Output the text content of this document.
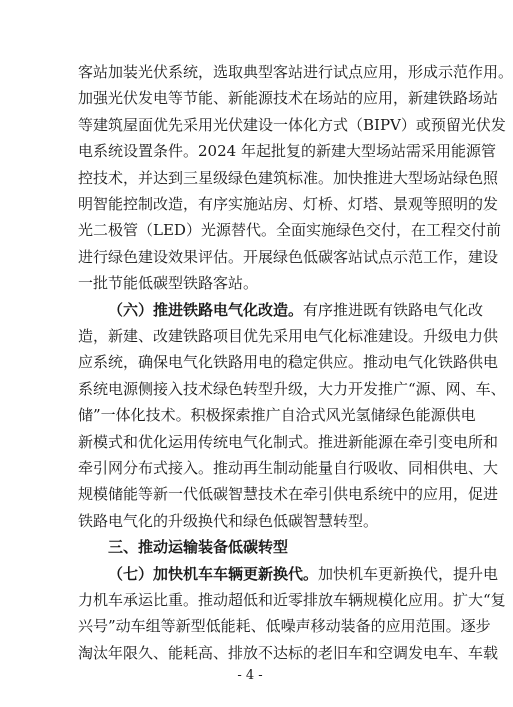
客站加装光伏系统，选取典型客站进行试点应用，形成示范作用。
加强光伏发电等节能、新能源技术在场站的应用，新建铁路场站
等建筑屋面优先采用光伏建设一体化方式（BIPV）或预留光伏发
电系统设置条件。2024 年起批复的新建大型场站需采用能源管
控技术，并达到三星级绿色建筑标准。加快推进大型场站绿色照
明智能控制改造，有序实施站房、灯桥、灯塔、景观等照明的发
光二极管（LED）光源替代。全面实施绿色交付，在工程交付前
进行绿色建设效果评估。开展绿色低碳客站试点示范工作，建设
一批节能低碳型铁路客站。
（六）推进铁路电气化改造。有序推进既有铁路电气化改
造，新建、改建铁路项目优先采用电气化标准建设。升级电力供
应系统，确保电气化铁路用电的稳定供应。推动电气化铁路供电
系统电源侧接入技术绿色转型升级，大力开发推广“源、网、车、
储”一体化技术。积极探索推广自洽式风光氢储绿色能源供电
新模式和优化运用传统电气化制式。推进新能源在牵引变电所和
牵引网分布式接入。推动再生制动能量自行吸收、同相供电、大
规模储能等新一代低碳智慧技术在牵引供电系统中的应用，促进
铁路电气化的升级换代和绿色低碳智慧转型。
三、推动运输装备低碳转型
（七）加快机车车辆更新换代。加快机车更新换代，提升电
力机车承运比重。推动超低和近零排放车辆规模化应用。扩大“复
兴号”动车组等新型低能耗、低噪声移动装备的应用范围。逐步
淘汰年限久、能耗高、排放不达标的老旧车和空调发电车、车载
- 4 -
